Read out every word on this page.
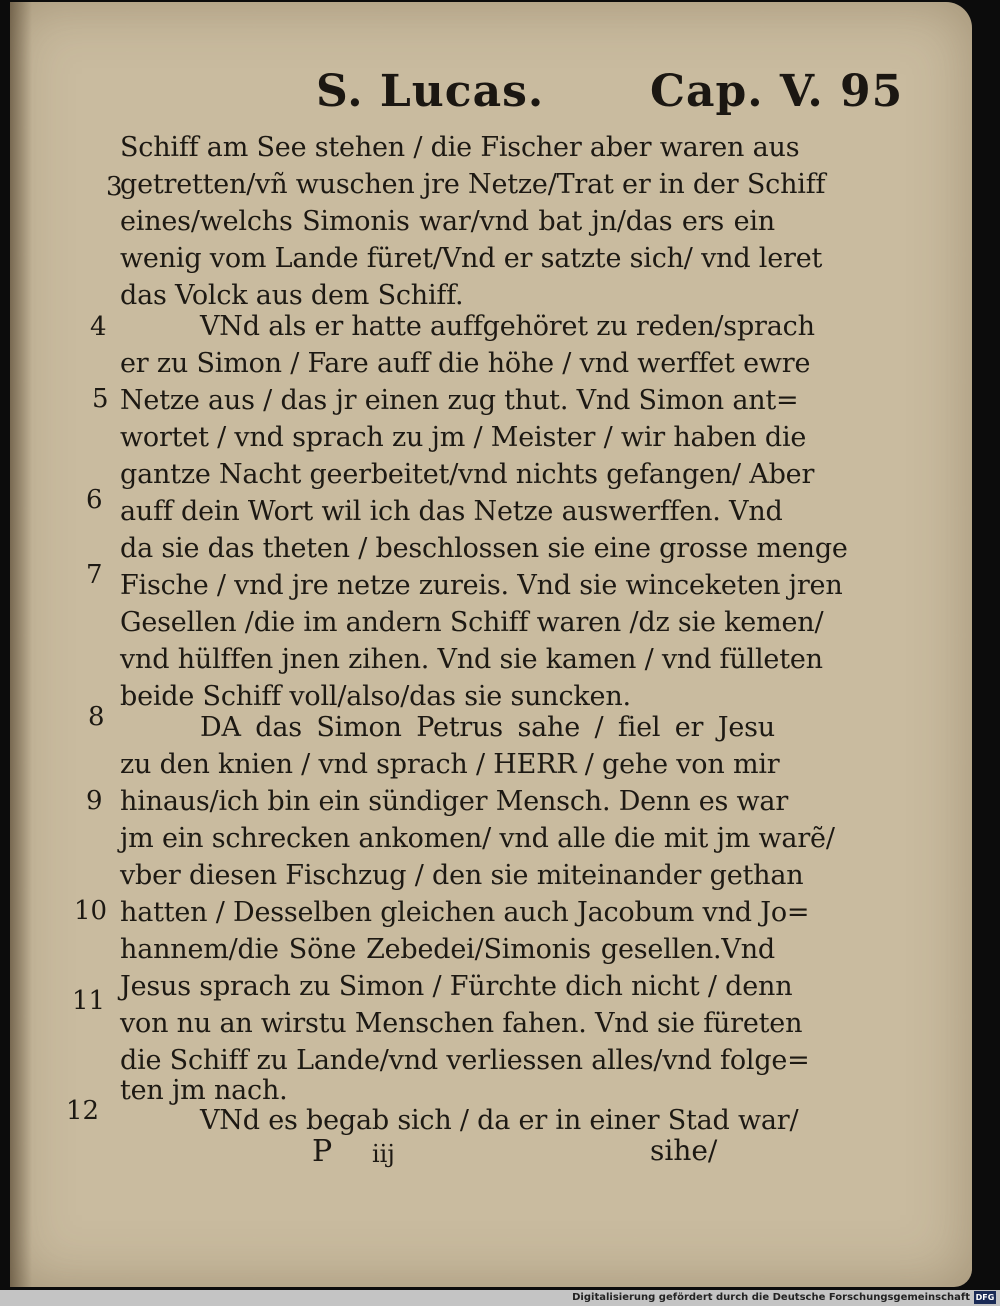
S. Lucas. Cap. V. 95
Schiff am See stehen / die Fischer aber waren aus
getretten/vñ wuschen jre Netze/Trat er in der Schiff
eines/welchs Simonis war/vnd bat jn/das ers ein
wenig vom Lande füret/Vnd er satzte sich/ vnd leret
das Volck aus dem Schiff.
VNd als er hatte auffgehöret zu reden/sprach
er zu Simon / Fare auff die höhe / vnd werffet ewre
Netze aus / das jr einen zug thut. Vnd Simon ant=
wortet / vnd sprach zu jm / Meister / wir haben die
gantze Nacht geerbeitet/vnd nichts gefangen/ Aber
auff dein Wort wil ich das Netze auswerffen. Vnd
da sie das theten / beschlossen sie eine grosse menge
Fische / vnd jre netze zureis. Vnd sie winceketen jren
Gesellen /die im andern Schiff waren /dz sie kemen/
vnd hülffen jnen zihen. Vnd sie kamen / vnd fülleten
beide Schiff voll/also/das sie suncken.
DA das Simon Petrus sahe / fiel er Jesu
zu den knien / vnd sprach / HERR / gehe von mir
hinaus/ich bin ein sündiger Mensch. Denn es war
jm ein schrecken ankomen/ vnd alle die mit jm warẽ/
vber diesen Fischzug / den sie miteinander gethan
hatten / Desselben gleichen auch Jacobum vnd Jo=
hannem/die Söne Zebedei/Simonis gesellen.Vnd
Jesus sprach zu Simon / Fürchte dich nicht / denn
von nu an wirstu Menschen fahen. Vnd sie füreten
die Schiff zu Lande/vnd verliessen alles/vnd folge=
ten jm nach.
VNd es begab sich / da er in einer Stad war/
3
4
5
6
7
8
9
10
11
12
P iij	sihe/
Digitalisierung gefördert durch die Deutsche Forschungsgemeinschaft DFG
